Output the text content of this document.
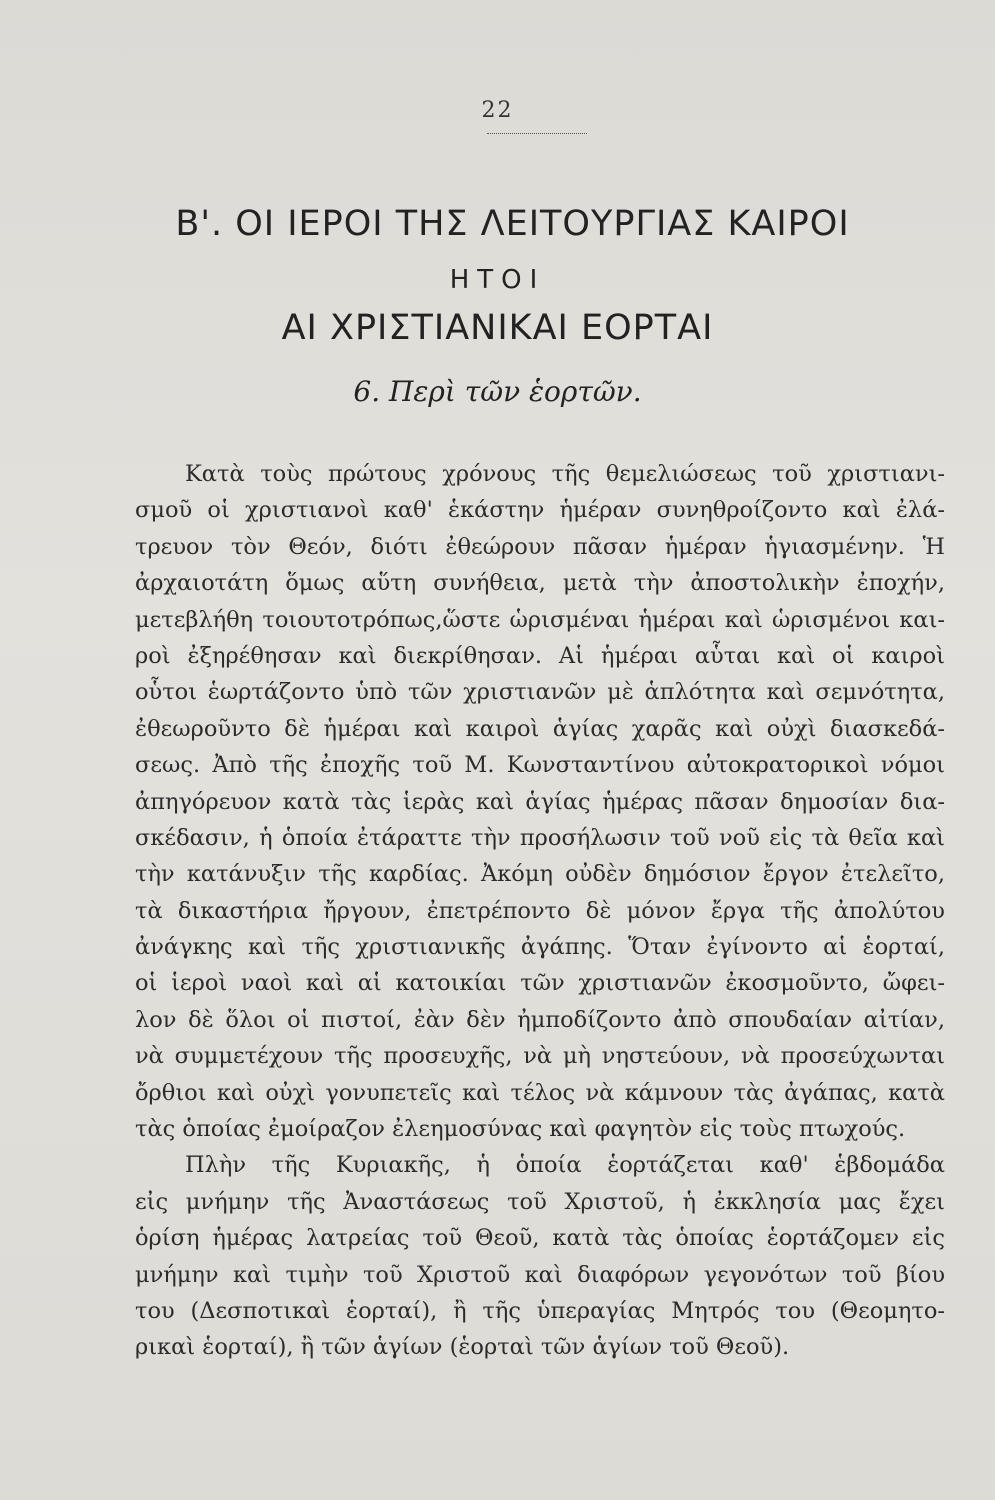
22
Β'. ΟΙ ΙΕΡΟΙ ΤΗΣ ΛΕΙΤΟΥΡΓΙΑΣ ΚΑΙΡΟΙ
ΗΤΟΙ
ΑΙ ΧΡΙΣΤΙΑΝΙΚΑΙ ΕΟΡΤΑΙ
6. Περὶ τῶν ἑορτῶν.
Κατὰ τοὺς πρώτους χρόνους τῆς θεμελιώσεως τοῦ χριστιανι-
σμοῦ οἱ χριστιανοὶ καθ' ἑκάστην ἡμέραν συνηθροίζοντο καὶ ἐλά-
τρευον τὸν Θεόν, διότι ἐθεώρουν πᾶσαν ἡμέραν ἡγιασμένην. Ἡ
ἀρχαιοτάτη ὅμως αὕτη συνήθεια, μετὰ τὴν ἀποστολικὴν ἐποχήν,
μετεβλήθη τοιουτοτρόπως,ὥστε ὡρισμέναι ἡμέραι καὶ ὡρισμένοι και-
ροὶ ἐξηρέθησαν καὶ διεκρίθησαν. Αἱ ἡμέραι αὗται καὶ οἱ καιροὶ
οὗτοι ἑωρτάζοντο ὑπὸ τῶν χριστιανῶν μὲ ἁπλότητα καὶ σεμνότητα,
ἐθεωροῦντο δὲ ἡμέραι καὶ καιροὶ ἁγίας χαρᾶς καὶ οὐχὶ διασκεδά-
σεως. Ἀπὸ τῆς ἐποχῆς τοῦ Μ. Κωνσταντίνου αὐτοκρατορικοὶ νόμοι
ἀπηγόρευον κατὰ τὰς ἱερὰς καὶ ἁγίας ἡμέρας πᾶσαν δημοσίαν δια-
σκέδασιν, ἡ ὁποία ἐτάραττε τὴν προσήλωσιν τοῦ νοῦ εἰς τὰ θεῖα καὶ
τὴν κατάνυξιν τῆς καρδίας. Ἀκόμη οὐδὲν δημόσιον ἔργον ἐτελεῖτο,
τὰ δικαστήρια ἤργουν, ἐπετρέποντο δὲ μόνον ἔργα τῆς ἀπολύτου
ἀνάγκης καὶ τῆς χριστιανικῆς ἀγάπης. Ὅταν ἐγίνοντο αἱ ἑορταί,
οἱ ἱεροὶ ναοὶ καὶ αἱ κατοικίαι τῶν χριστιανῶν ἐκοσμοῦντο, ὤφει-
λον δὲ ὅλοι οἱ πιστοί, ἐὰν δὲν ἠμποδίζοντο ἀπὸ σπουδαίαν αἰτίαν,
νὰ συμμετέχουν τῆς προσευχῆς, νὰ μὴ νηστεύουν, νὰ προσεύχωνται
ὄρθιοι καὶ οὐχὶ γονυπετεῖς καὶ τέλος νὰ κάμνουν τὰς ἀγάπας, κατὰ
τὰς ὁποίας ἐμοίραζον ἐλεημοσύνας καὶ φαγητὸν εἰς τοὺς πτωχούς.
Πλὴν τῆς Κυριακῆς, ἡ ὁποία ἑορτάζεται καθ' ἑβδομάδα
εἰς μνήμην τῆς Ἀναστάσεως τοῦ Χριστοῦ, ἡ ἐκκλησία μας ἔχει
ὁρίση ἡμέρας λατρείας τοῦ Θεοῦ, κατὰ τὰς ὁποίας ἑορτάζομεν εἰς
μνήμην καὶ τιμὴν τοῦ Χριστοῦ καὶ διαφόρων γεγονότων τοῦ βίου
του (Δεσποτικαὶ ἑορταί), ἢ τῆς ὑπεραγίας Μητρός του (Θεομητο-
ρικαὶ ἑορταί), ἢ τῶν ἁγίων (ἑορταὶ τῶν ἁγίων τοῦ Θεοῦ).
